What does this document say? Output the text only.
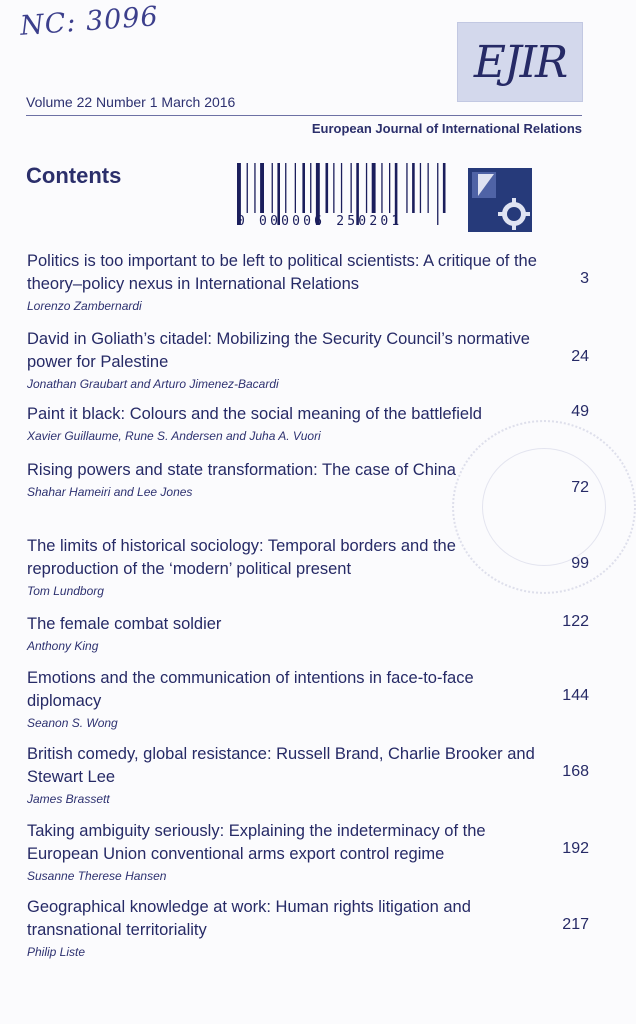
NC: 3096
EJIR
Volume 22 Number 1 March 2016
European Journal of International Relations
Contents
0 000006 250201
Politics is too important to be left to political scientists: A critique of the theory–policy nexus in International Relations
Lorenzo Zambernardi
3
David in Goliath’s citadel: Mobilizing the Security Council’s normative power for Palestine
Jonathan Graubart and Arturo Jimenez-Bacardi
24
Paint it black: Colours and the social meaning of the battlefield
Xavier Guillaume, Rune S. Andersen and Juha A. Vuori
49
Rising powers and state transformation: The case of China
Shahar Hameiri and Lee Jones	72
The limits of historical sociology: Temporal borders and the reproduction of the ‘modern’ political present
Tom Lundborg
99
The female combat soldier
Anthony King
122
Emotions and the communication of intentions in face-to-face diplomacy
Seanon S. Wong
144
British comedy, global resistance: Russell Brand, Charlie Brooker and Stewart Lee
James Brassett
168
Taking ambiguity seriously: Explaining the indeterminacy of the European Union conventional arms export control regime
Susanne Therese Hansen
192
Geographical knowledge at work: Human rights litigation and transnational territoriality
Philip Liste
217
